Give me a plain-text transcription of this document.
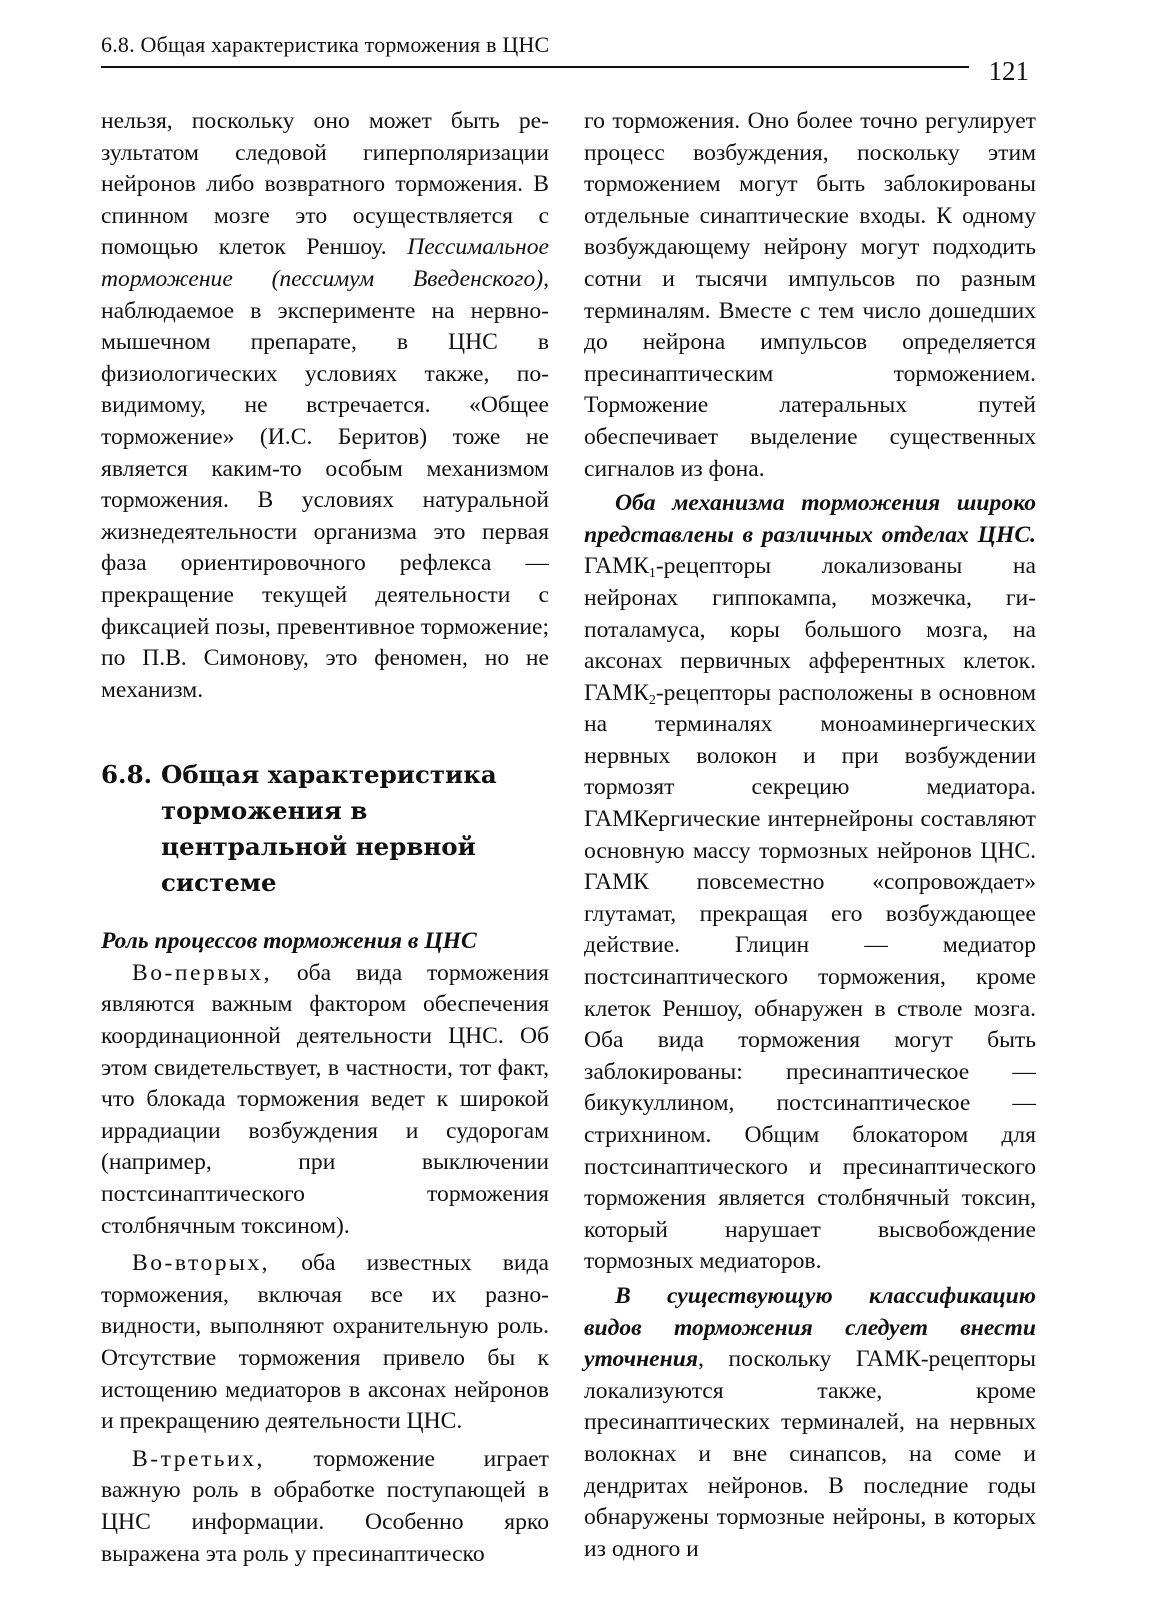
6.8. Общая характеристика торможения в ЦНС
121

нельзя, поскольку оно может быть результатом следовой гиперполяризации нейронов либо возвратного торможения. В спинном мозге это осуществляется с помощью клеток Реншоу. Пессимальное торможение (пессимум Введенского), наблюдаемое в эксперименте на нервно-мышечном препарате, в ЦНС в физиологических условиях также, по-видимому, не встречается. «Общее торможение» (И.С. Беритов) тоже не является каким-то особым механизмом торможения. В условиях натуральной жизнедеятельности организма это первая фаза ориентировочного рефлекса — прекращение текущей деятельности с фиксацией позы, превентивное торможение; по П.В. Симонову, это феномен, но не механизм.

6.8. Общая характеристика торможения в центральной нервной системе
Роль процессов торможения в ЦНС

Во-первых, оба вида торможения являются важным фактором обеспечения координационной деятельности ЦНС. Об этом свидетельствует, в частности, тот факт, что блокада торможения ведет к широкой иррадиации возбуждения и судорогам (например, при выключении постсинаптического торможения столбнячным токсином).

Во-вторых, оба известных вида торможения, включая все их разновидности, выполняют охранительную роль. Отсутствие торможения привело бы к истощению медиаторов в аксонах нейронов и прекращению деятельности ЦНС.

В-третьих, торможение играет важную роль в обработке поступающей в ЦНС информации. Особенно ярко выражена эта роль у пресинаптическо

го торможения. Оно более точно регулирует процесс возбуждения, поскольку этим торможением могут быть заблокированы отдельные синаптические входы. К одному возбуждающему нейрону могут подходить сотни и тысячи импульсов по разным терминалям. Вместе с тем число дошедших до нейрона импульсов определяется пресинаптическим торможением. Торможение латеральных путей обеспечивает выделение существенных сигналов из фона.

Оба механизма торможения широко представлены в различных отделах ЦНС. $ГАМК_1$-рецепторы локализованы на нейронах гиппокампа, мозжечка, гипоталамуса, коры большого мозга, на аксонах первичных афферентных клеток. $ГАМК_2$-рецепторы расположены в основном на терминалях моноаминергических нервных волокон и при возбуждении тормозят секрецию медиатора. ГАМКергические интернейроны составляют основную массу тормозных нейронов ЦНС. ГАМК повсеместно «сопровождает» глутамат, прекращая его возбуждающее действие. Глицин — медиатор постсинаптического торможения, кроме клеток Реншоу, обнаружен в стволе мозга. Оба вида торможения могут быть заблокированы: пресинаптическое — бикукуллином, постсинаптическое — стрихнином. Общим блокатором для постсинаптического и пресинаптического торможения является столбнячный токсин, который нарушает высвобождение тормозных медиаторов.

В существующую классификацию видов торможения следует внести уточнения, поскольку ГАМК-рецепторы локализуются также, кроме пресинаптических терминалей, на нервных волокнах и вне синапсов, на соме и дендритах нейронов. В последние годы обнаружены тормозные нейроны, в которых из одного и
